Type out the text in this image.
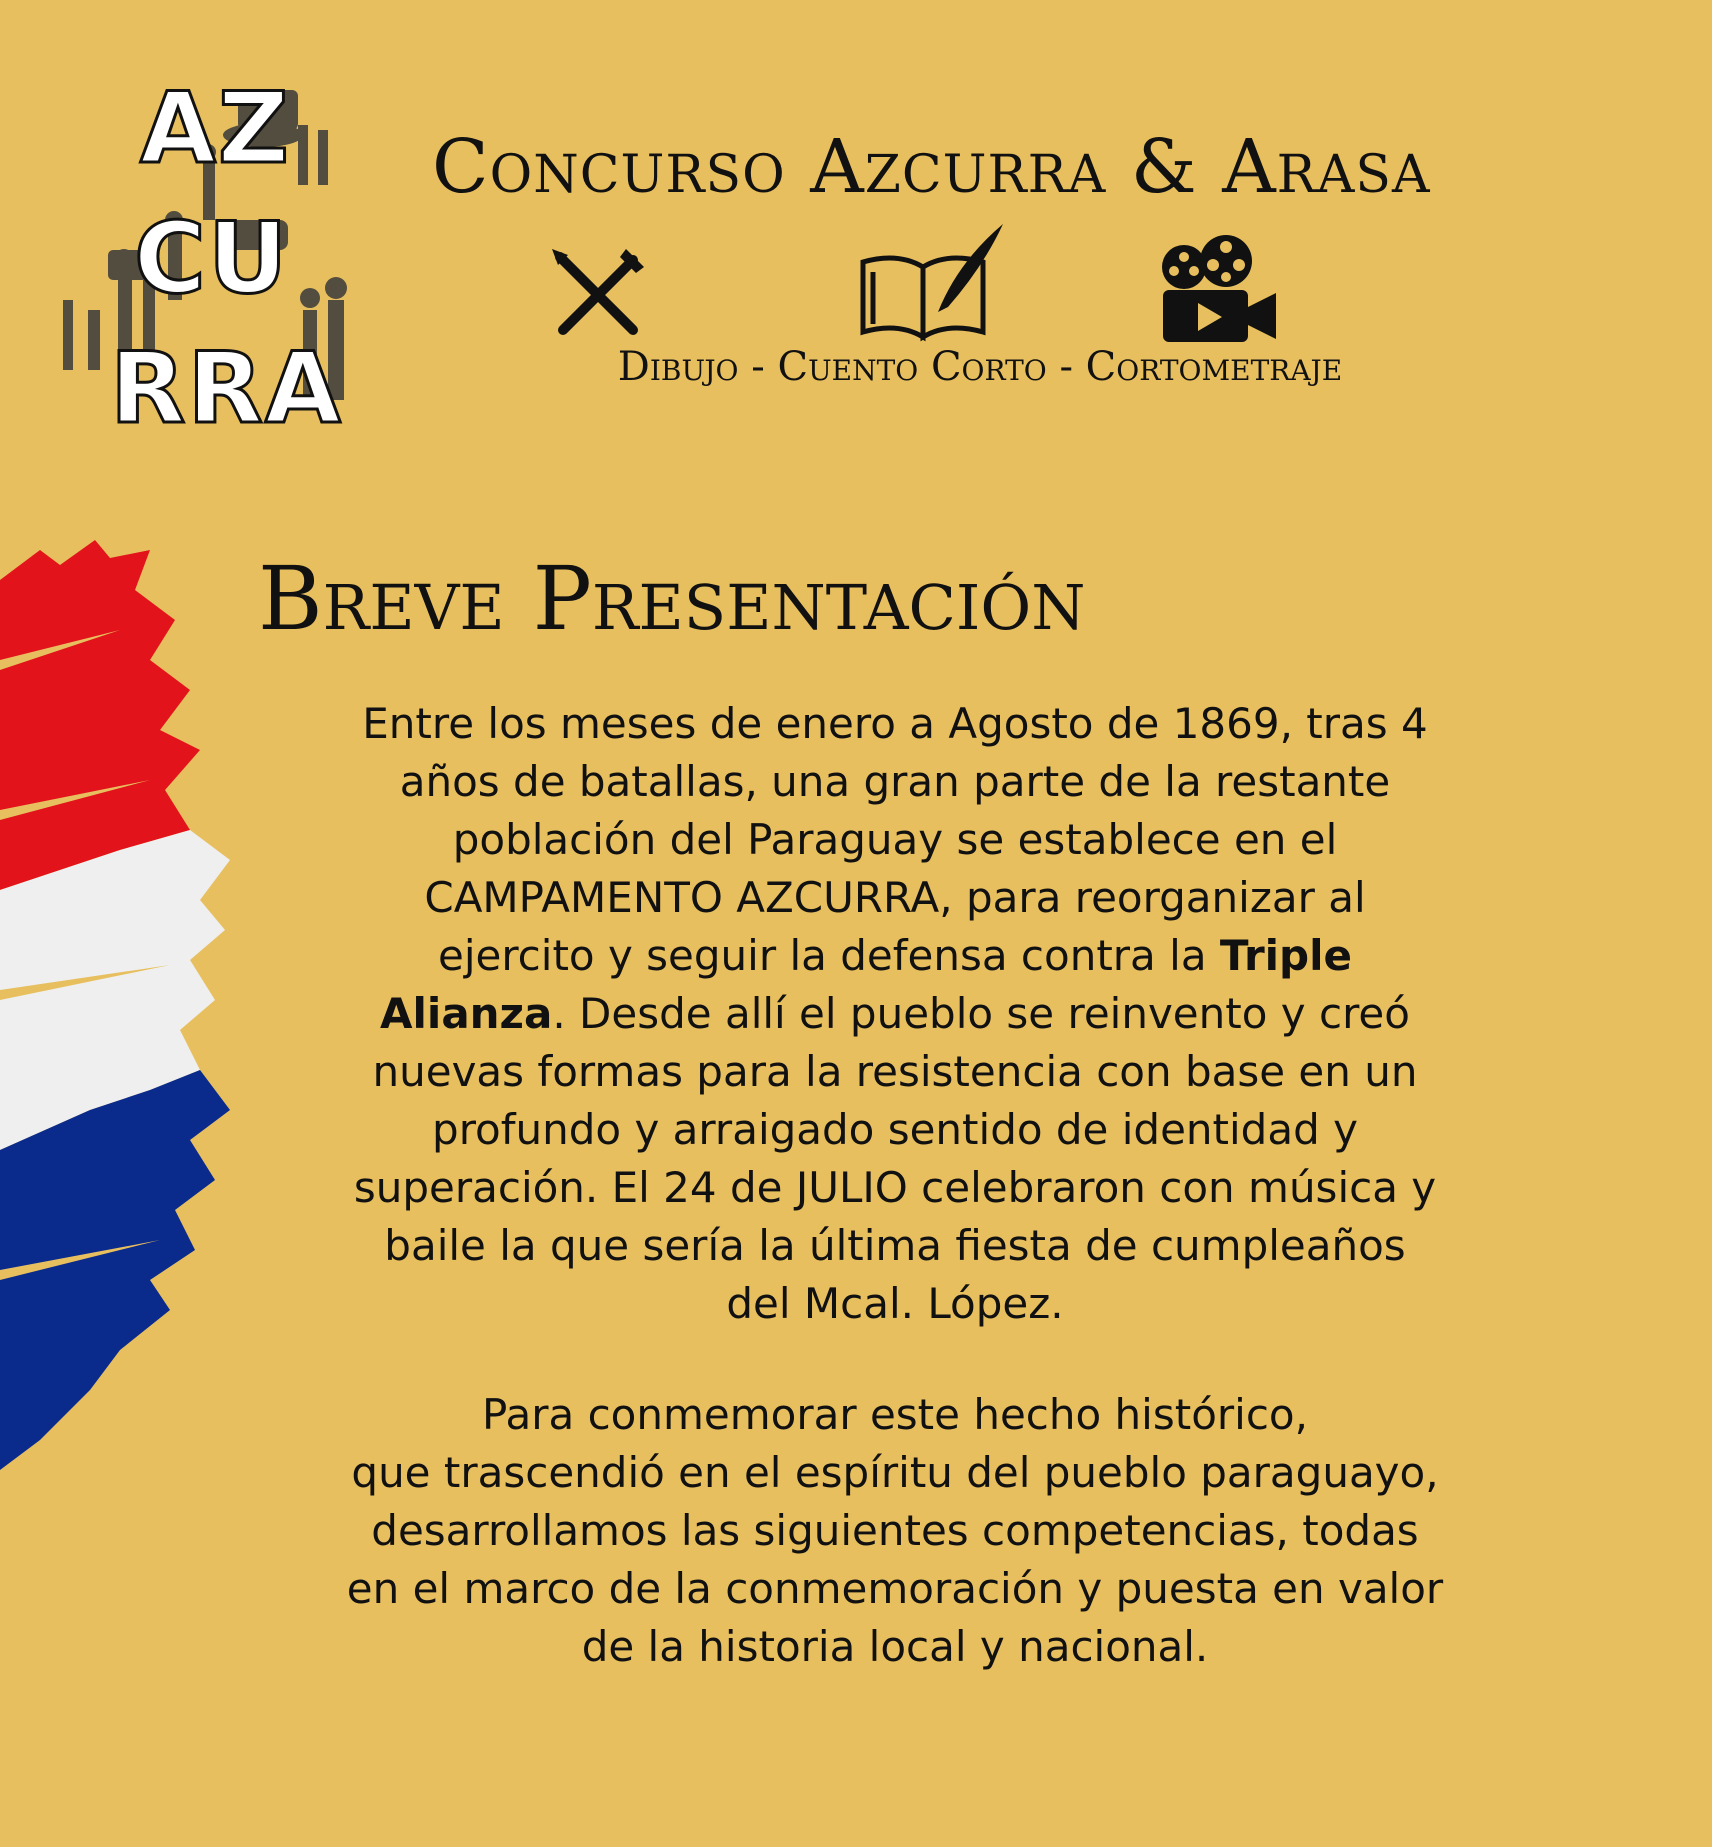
AZ
CU
RRA
Concurso Azcurra & Arasa
Dibujo - Cuento Corto - Cortometraje
Breve Presentación
Entre los meses de enero a Agosto de 1869, tras 4
años de batallas, una gran parte de la restante
población del Paraguay se establece en el
CAMPAMENTO AZCURRA, para reorganizar al
ejercito y seguir la defensa contra la Triple
Alianza. Desde allí el pueblo se reinvento y creó
nuevas formas para la resistencia con base en un
profundo y arraigado sentido de identidad y
superación. El 24 de JULIO celebraron con música y
baile la que sería la última fiesta de cumpleaños
del Mcal. López.
Para conmemorar este hecho histórico,
que trascendió en el espíritu del pueblo paraguayo,
desarrollamos las siguientes competencias, todas
en el marco de la conmemoración y puesta en valor
de la historia local y nacional.
